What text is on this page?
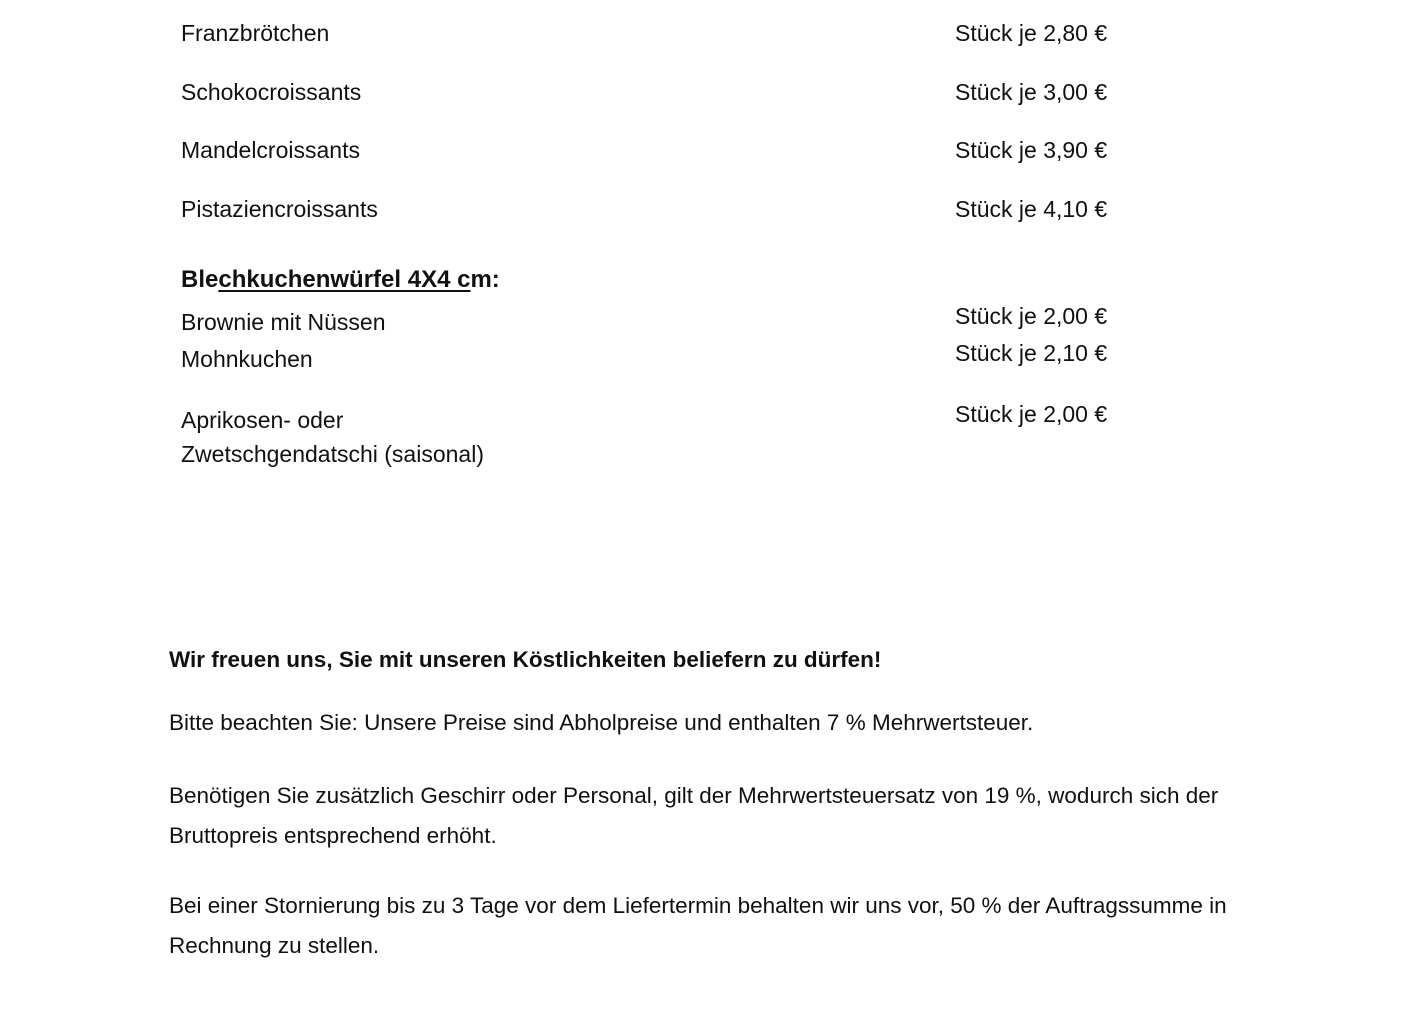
Franzbrötchen	Stück je 2,80 €
Schokocroissants	Stück je 3,00 €
Mandelcroissants	Stück je 3,90 €
Pistaziencroissants	Stück je 4,10 €
Blechkuchenwürfel 4X4 cm:
Brownie mit Nüssen	Stück je 2,00 €
Mohnkuchen	Stück je 2,10 €
Aprikosen- oder
Zwetschgendatschi (saisonal)
Stück je 2,00 €
Wir freuen uns, Sie mit unseren Köstlichkeiten beliefern zu dürfen!
Bitte beachten Sie: Unsere Preise sind Abholpreise und enthalten 7 % Mehrwertsteuer.
Benötigen Sie zusätzlich Geschirr oder Personal, gilt der Mehrwertsteuersatz von 19 %, wodurch sich der Bruttopreis entsprechend erhöht.
Bei einer Stornierung bis zu 3 Tage vor dem Liefertermin behalten wir uns vor, 50 % der Auftragssumme in Rechnung zu stellen.
